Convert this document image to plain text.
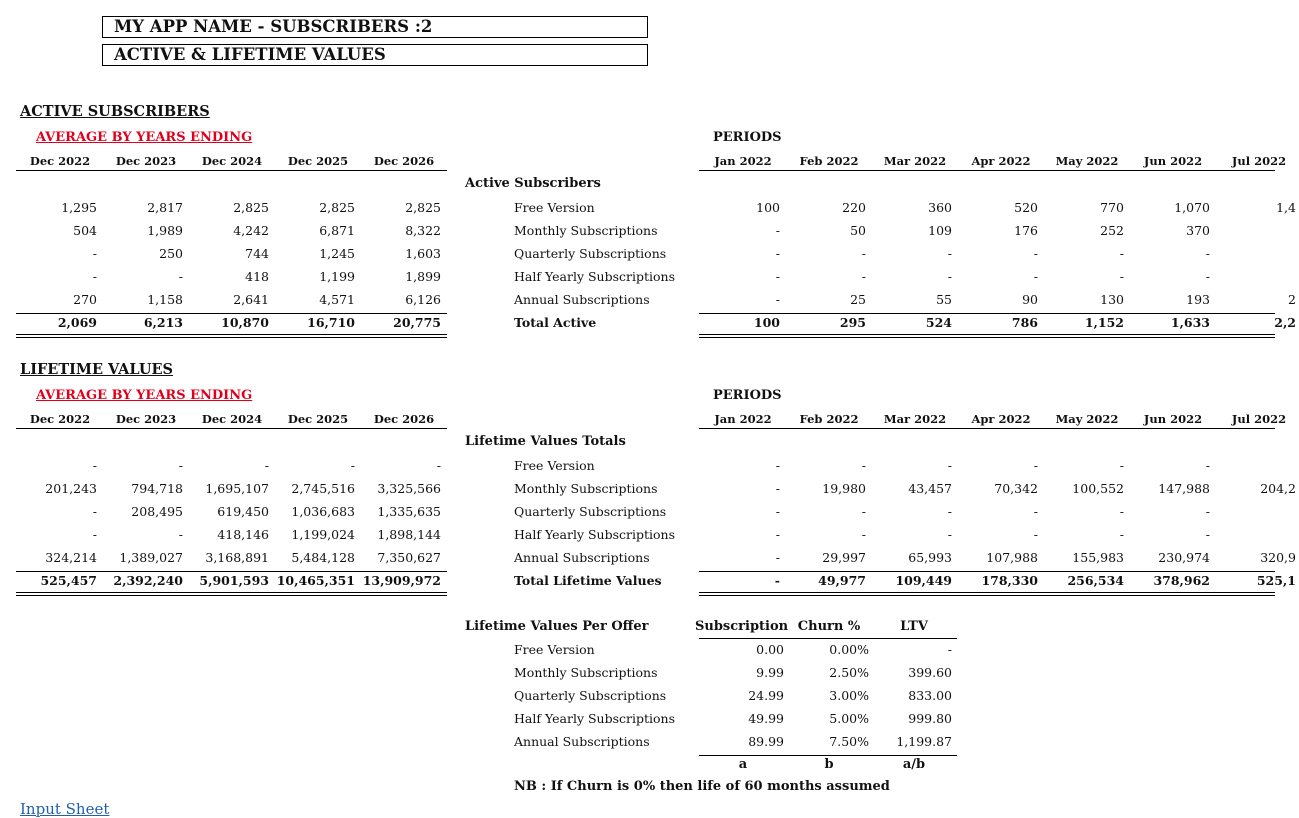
MY APP NAME - SUBSCRIBERS :2
ACTIVE & LIFETIME VALUES
ACTIVE SUBSCRIBERS
AVERAGE BY YEARS ENDING	PERIODS
Dec 2022	Dec 2023	Dec 2024	Dec 2025	Dec 2026	Jan 2022	Feb 2022	Mar 2022	Apr 2022	May 2022	Jun 2022	Jul 2022
Active Subscribers
Free Version
1,295	2,817	2,825	2,825	2,825	100	220	360	520	770	1,070	1,4
Monthly Subscriptions
504	1,989	4,242	6,871	8,322	-	50	109	176	252	370
Quarterly Subscriptions
-	250	744	1,245	1,603	-	-	-	-	-	-
Half Yearly Subscriptions
-	-	418	1,199	1,899	-	-	-	-	-	-
Annual Subscriptions
270	1,158	2,641	4,571	6,126	-	25	55	90	130	193	2
Total Active
2,069	6,213	10,870	16,710	20,775	100	295	524	786	1,152	1,633	2,2
LIFETIME VALUES
AVERAGE BY YEARS ENDING	PERIODS
Dec 2022	Dec 2023	Dec 2024	Dec 2025	Dec 2026	Jan 2022	Feb 2022	Mar 2022	Apr 2022	May 2022	Jun 2022	Jul 2022
Lifetime Values Totals
Free Version
-	-	-	-	-	-	-	-	-	-	-
Monthly Subscriptions
201,243	794,718	1,695,107	2,745,516	3,325,566	-	19,980	43,457	70,342	100,552	147,988	204,2
Quarterly Subscriptions
-	208,495	619,450	1,036,683	1,335,635	-	-	-	-	-	-
Half Yearly Subscriptions
-	-	418,146	1,199,024	1,898,144	-	-	-	-	-	-
Annual Subscriptions
324,214	1,389,027	3,168,891	5,484,128	7,350,627	-	29,997	65,993	107,988	155,983	230,974	320,9
Total Lifetime Values
525,457	2,392,240	5,901,593 10,465,351 13,909,972	-	49,977	109,449	178,330	256,534	378,962	525,1
Lifetime Values Per Offer	Subscription Churn %	LTV
Free Version	0.00	0.00%	-
Monthly Subscriptions	9.99	2.50%	399.60
Quarterly Subscriptions	24.99	3.00%	833.00
Half Yearly Subscriptions	49.99	5.00%	999.80
Annual Subscriptions	89.99	7.50%	1,199.87
a	b	a/b
NB : If Churn is 0% then life of 60 months assumed
Input Sheet
